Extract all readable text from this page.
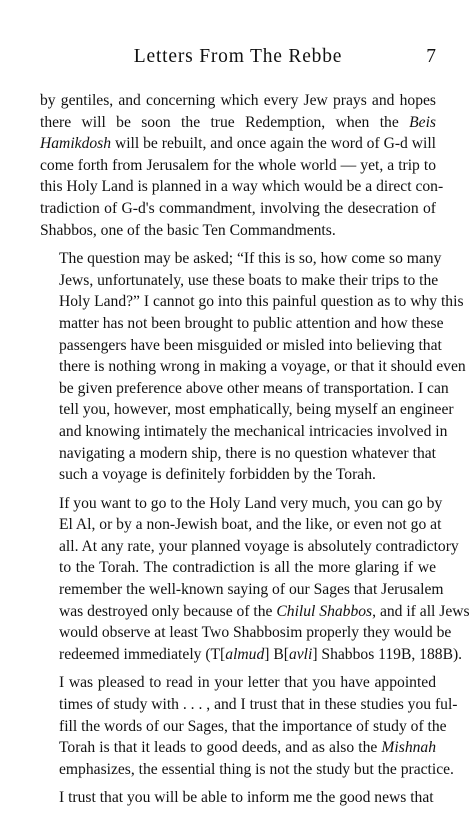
Letters From The Rebbe	7
by gentiles, and concerning which every Jew prays and hopes
there will be soon the true Redemption, when the Beis
Hamikdosh will be rebuilt, and once again the word of G-d will
come forth from Jerusalem for the whole world — yet, a trip to
this Holy Land is planned in a way which would be a direct con-
tradiction of G-d's commandment, involving the desecration of
Shabbos, one of the basic Ten Commandments.
The question may be asked; “If this is so, how come so many
Jews, unfortunately, use these boats to make their trips to the
Holy Land?” I cannot go into this painful question as to why this
matter has not been brought to public attention and how these
passengers have been misguided or misled into believing that
there is nothing wrong in making a voyage, or that it should even
be given preference above other means of transportation. I can
tell you, however, most emphatically, being myself an engineer
and knowing intimately the mechanical intricacies involved in
navigating a modern ship, there is no question whatever that
such a voyage is definitely forbidden by the Torah.
If you want to go to the Holy Land very much, you can go by
El Al, or by a non-Jewish boat, and the like, or even not go at
all. At any rate, your planned voyage is absolutely contradictory
to the Torah. The contradiction is all the more glaring if we
remember the well-known saying of our Sages that Jerusalem
was destroyed only because of the Chilul Shabbos, and if all Jews
would observe at least Two Shabbosim properly they would be
redeemed immediately (T[almud] B[avli] Shabbos 119B, 188B).
I was pleased to read in your letter that you have appointed
times of study with . . . , and I trust that in these studies you ful-
fill the words of our Sages, that the importance of study of the
Torah is that it leads to good deeds, and as also the Mishnah
emphasizes, the essential thing is not the study but the practice.
I trust that you will be able to inform me the good news that
